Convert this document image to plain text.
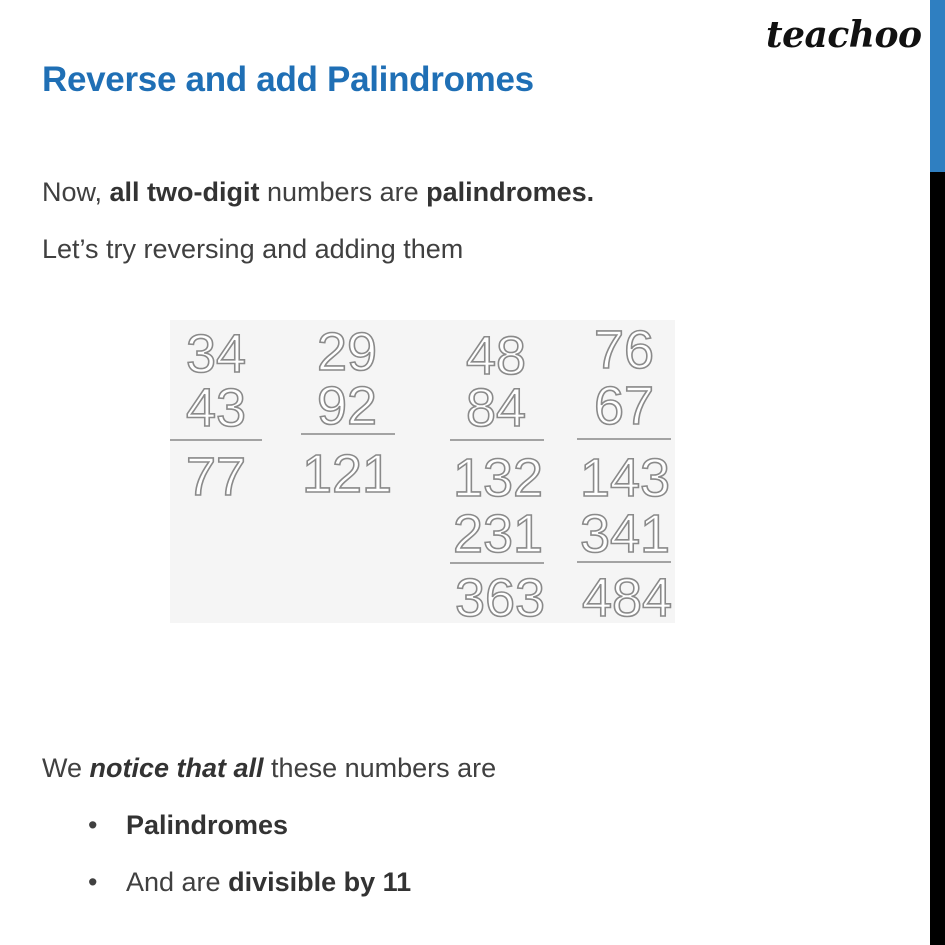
teachoo
Reverse and add Palindromes

Now, all two-digit numbers are palindromes.

Let’s try reversing and adding them

34
43
77
29
92
121
48
84
132
231
363
76
67
143
341
484

We notice that all these numbers are

• Palindromes

• And are divisible by 11
